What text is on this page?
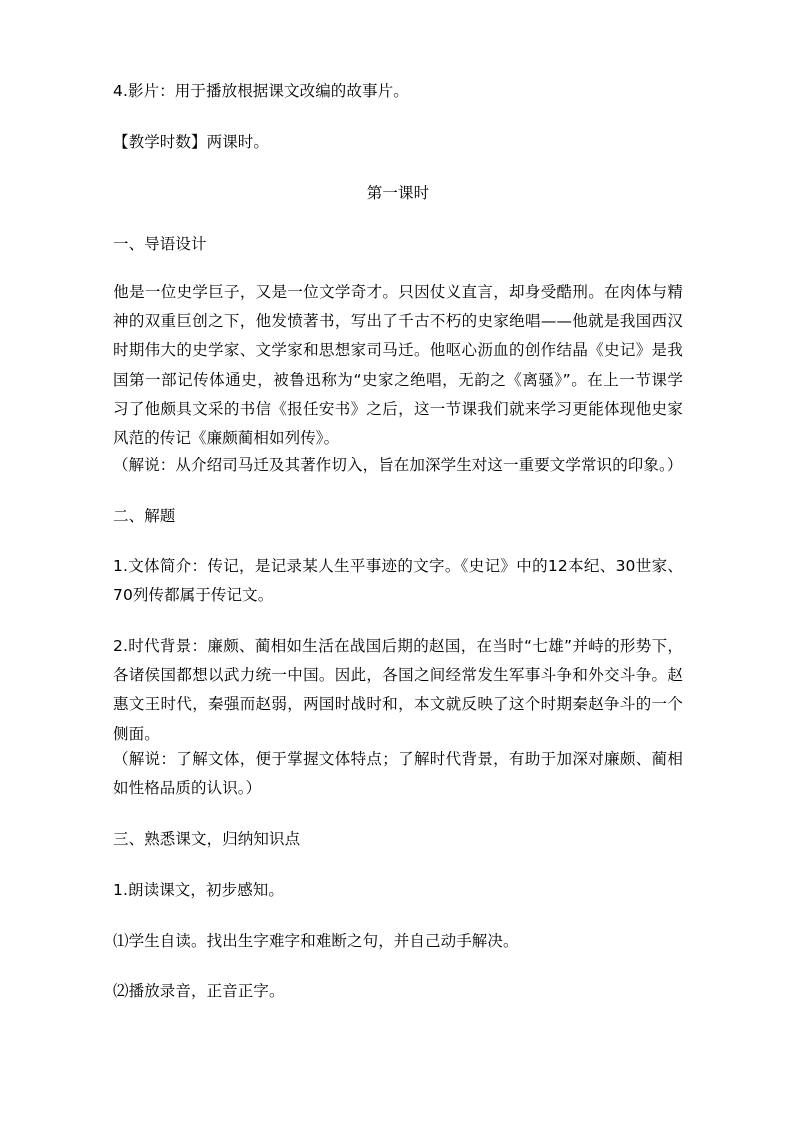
4.影片：用于播放根据课文改编的故事片。

【教学时数】两课时。

第一课时

一、导语设计

他是一位史学巨子，又是一位文学奇才。只因仗义直言，却身受酷刑。在肉体与精神的双重巨创之下，他发愤著书，写出了千古不朽的史家绝唱——他就是我国西汉时期伟大的史学家、文学家和思想家司马迁。他呕心沥血的创作结晶《史记》是我国第一部记传体通史，被鲁迅称为“史家之绝唱，无韵之《离骚》”。在上一节课学习了他颇具文采的书信《报任安书》之后，这一节课我们就来学习更能体现他史家风范的传记《廉颇蔺相如列传》。

（解说：从介绍司马迁及其著作切入，旨在加深学生对这一重要文学常识的印象。）

二、解题

1.文体简介：传记，是记录某人生平事迹的文字。《史记》中的12本纪、30世家、70列传都属于传记文。

2.时代背景：廉颇、蔺相如生活在战国后期的赵国，在当时“七雄”并峙的形势下，各诸侯国都想以武力统一中国。因此，各国之间经常发生军事斗争和外交斗争。赵惠文王时代，秦强而赵弱，两国时战时和，本文就反映了这个时期秦赵争斗的一个侧面。

（解说：了解文体，便于掌握文体特点；了解时代背景，有助于加深对廉颇、蔺相如性格品质的认识。）

三、熟悉课文，归纳知识点

1.朗读课文，初步感知。

⑴学生自读。找出生字难字和难断之句，并自己动手解决。

⑵播放录音，正音正字。
